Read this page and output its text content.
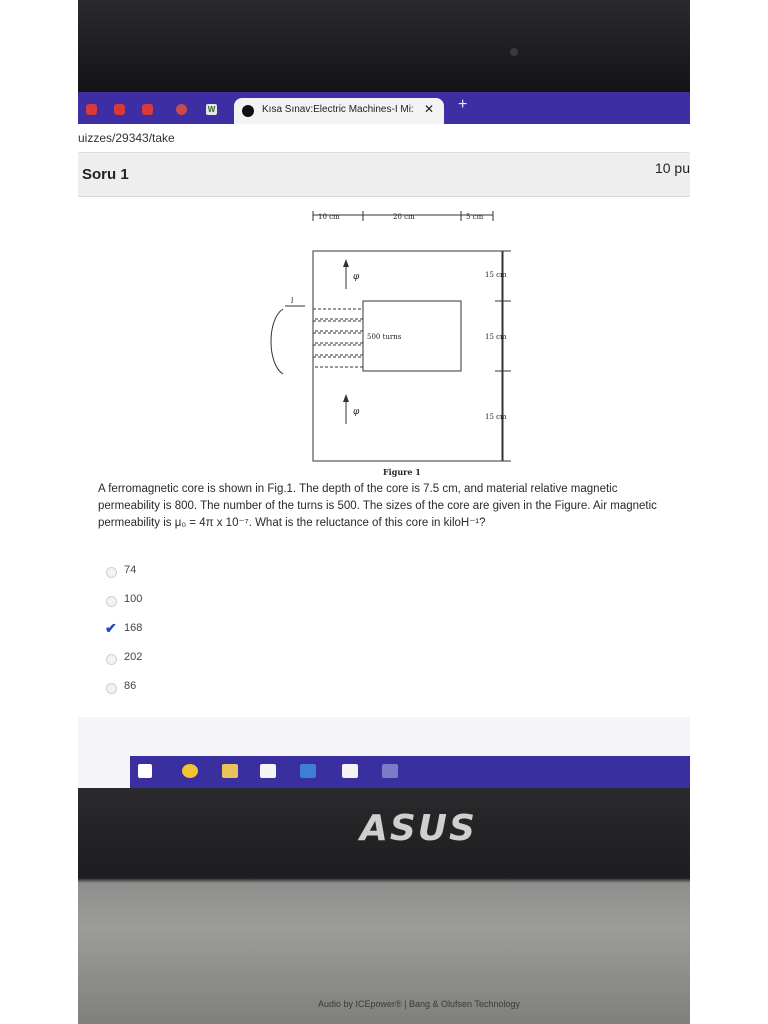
W	Kısa Sınav:Electric Machines-I Mi: ✕ +
uizzes/29343/take
Soru 1	10 pu
10 cm	20 cm	5 cm
15 cm
15 cm
15 cm
500 turns
φ
φ
i
Figure 1
A ferromagnetic core is shown in Fig.1. The depth of the core is 7.5 cm, and material relative magnetic permeability is 800. The number of the turns is 500. The sizes of the core are given in the Figure. Air magnetic permeability is μ₀ = 4π x 10⁻⁷. What is the reluctance of this core in kiloH⁻¹?
74
100
✔ 168
202
86
ASUS
Audio by ICEpower® | Bang & Olufsen Technology
